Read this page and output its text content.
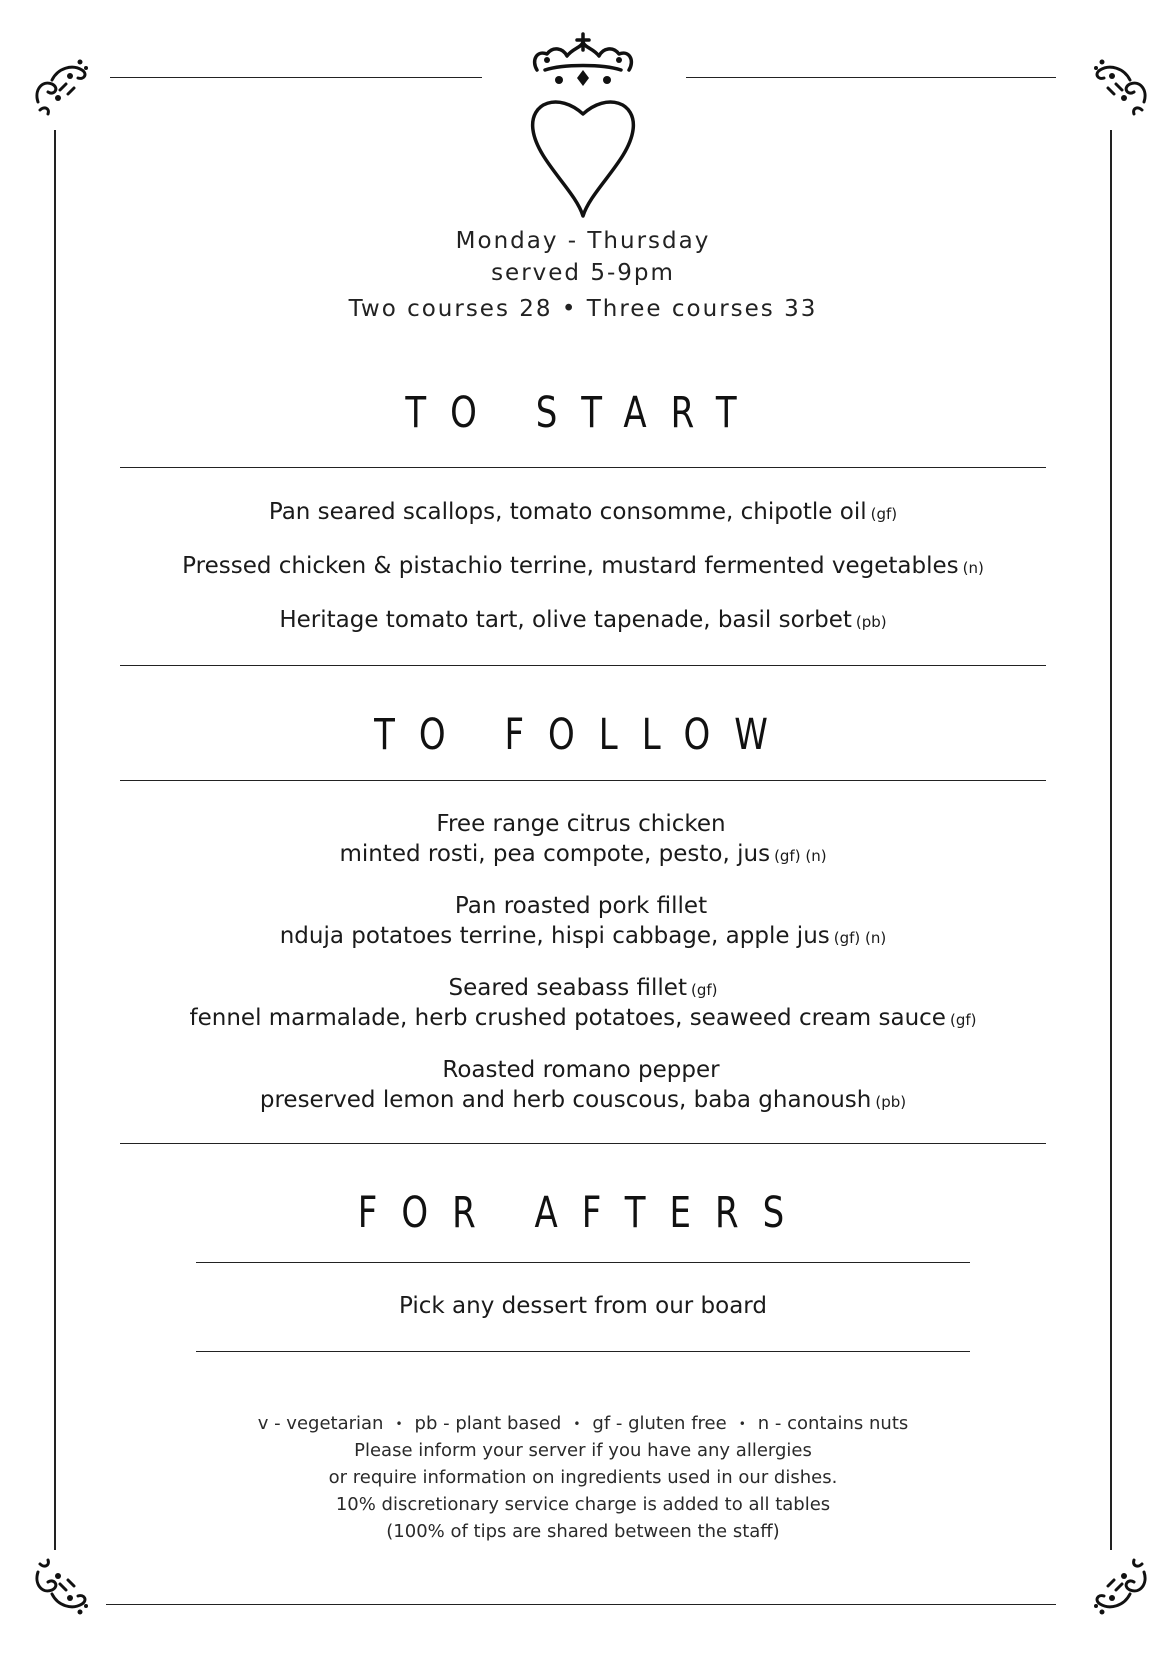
Monday - Thursday
served 5-9pm
Two courses 28 • Three courses 33
TO START
Pan seared scallops, tomato consomme, chipotle oil (gf)
Pressed chicken & pistachio terrine, mustard fermented vegetables (n)
Heritage tomato tart, olive tapenade, basil sorbet (pb)
TO FOLLOW
Free range citrus chicken
minted rosti, pea compote, pesto, jus (gf) (n)
Pan roasted pork fillet
nduja potatoes terrine, hispi cabbage, apple jus (gf) (n)
Seared seabass fillet (gf)
fennel marmalade, herb crushed potatoes, seaweed cream sauce (gf)
Roasted romano pepper
preserved lemon and herb couscous, baba ghanoush (pb)
FOR AFTERS
Pick any dessert from our board
v - vegetarian • pb - plant based • gf - gluten free • n - contains nuts
Please inform your server if you have any allergies
or require information on ingredients used in our dishes.
10% discretionary service charge is added to all tables
(100% of tips are shared between the staff)
